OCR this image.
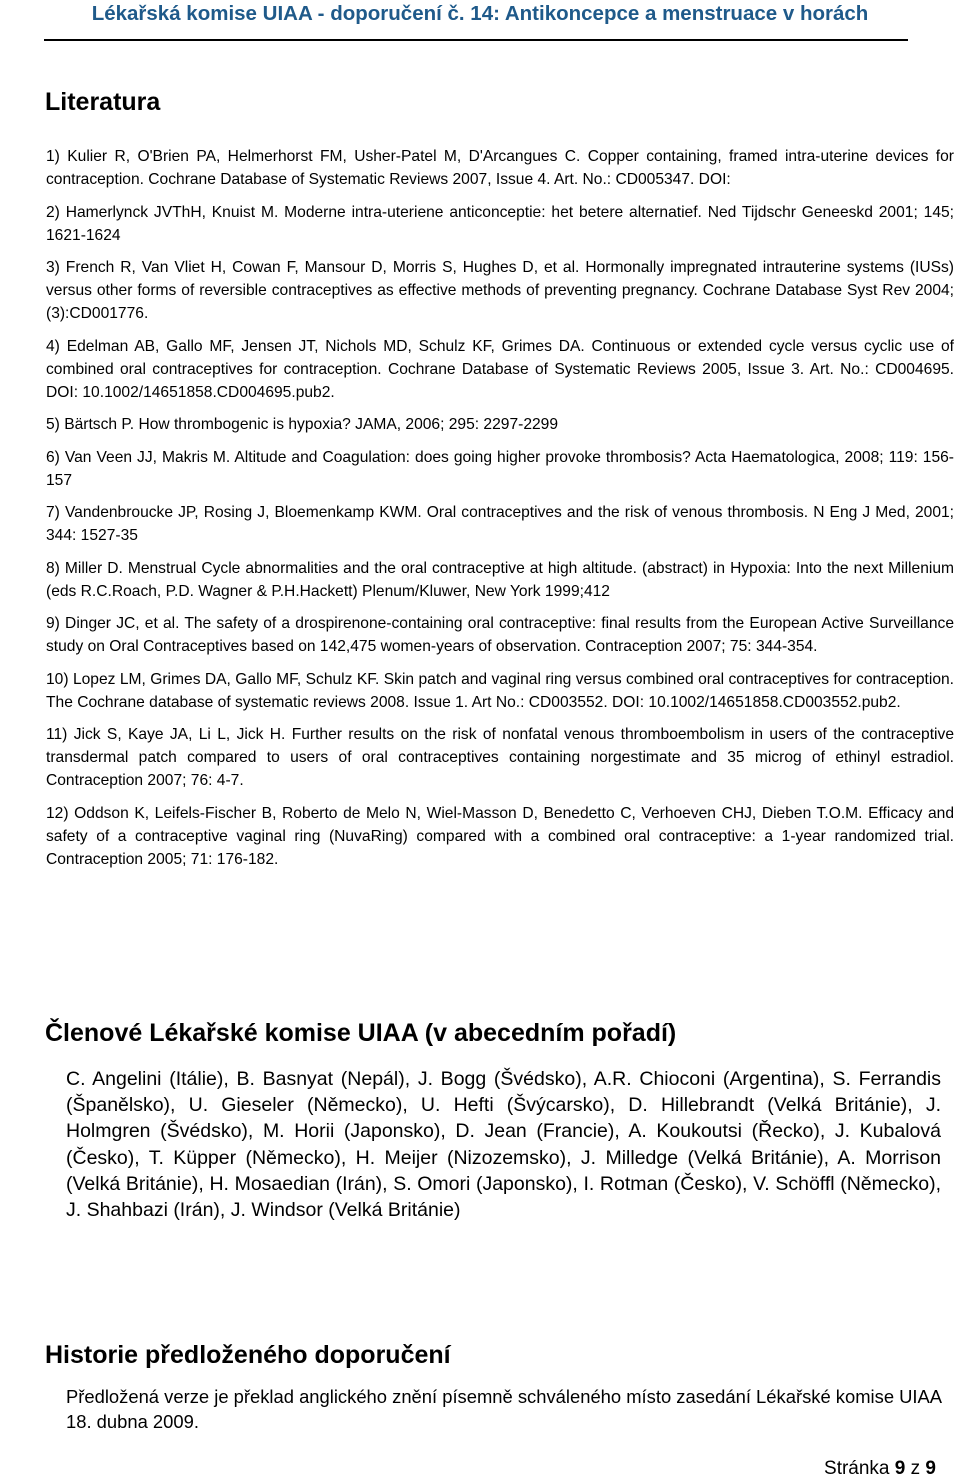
Lékařská komise UIAA - doporučení č. 14: Antikoncepce a menstruace v horách
Literatura

1) Kulier R, O'Brien PA, Helmerhorst FM, Usher-Patel M, D'Arcangues C. Copper containing, framed intra-uterine devices for contraception. Cochrane Database of Systematic Reviews 2007, Issue 4. Art. No.: CD005347. DOI:

2) Hamerlynck JVThH, Knuist M. Moderne intra-uteriene anticonceptie: het betere alternatief. Ned Tijdschr Geneeskd 2001; 145; 1621-1624

3) French R, Van Vliet H, Cowan F, Mansour D, Morris S, Hughes D, et al. Hormonally impregnated intrauterine systems (IUSs) versus other forms of reversible contraceptives as effective methods of preventing pregnancy. Cochrane Database Syst Rev 2004;(3):CD001776.

4) Edelman AB, Gallo MF, Jensen JT, Nichols MD, Schulz KF, Grimes DA. Continuous or extended cycle versus cyclic use of combined oral contraceptives for contraception. Cochrane Database of Systematic Reviews 2005, Issue 3. Art. No.: CD004695. DOI: 10.1002/14651858.CD004695.pub2.

5) Bärtsch P. How thrombogenic is hypoxia? JAMA, 2006; 295: 2297-2299

6) Van Veen JJ, Makris M. Altitude and Coagulation: does going higher provoke thrombosis? Acta Haematologica, 2008; 119: 156-157

7) Vandenbroucke JP, Rosing J, Bloemenkamp KWM. Oral contraceptives and the risk of venous thrombosis. N Eng J Med, 2001; 344: 1527-35

8) Miller D. Menstrual Cycle abnormalities and the oral contraceptive at high altitude. (abstract) in Hypoxia: Into the next Millenium (eds R.C.Roach, P.D. Wagner & P.H.Hackett) Plenum/Kluwer, New York 1999;412

9) Dinger JC, et al. The safety of a drospirenone-containing oral contraceptive: final results from the European Active Surveillance study on Oral Contraceptives based on 142,475 women-years of observation. Contraception 2007; 75: 344-354.

10) Lopez LM, Grimes DA, Gallo MF, Schulz KF. Skin patch and vaginal ring versus combined oral contraceptives for contraception. The Cochrane database of systematic reviews 2008. Issue 1. Art No.: CD003552. DOI: 10.1002/14651858.CD003552.pub2.

11) Jick S, Kaye JA, Li L, Jick H. Further results on the risk of nonfatal venous thromboembolism in users of the contraceptive transdermal patch compared to users of oral contraceptives containing norgestimate and 35 microg of ethinyl estradiol. Contraception 2007; 76: 4-7.

12) Oddson K, Leifels-Fischer B, Roberto de Melo N, Wiel-Masson D, Benedetto C, Verhoeven CHJ, Dieben T.O.M. Efficacy and safety of a contraceptive vaginal ring (NuvaRing) compared with a combined oral contraceptive: a 1-year randomized trial. Contraception 2005; 71: 176-182.

Členové Lékařské komise UIAA (v abecedním pořadí)

C. Angelini (Itálie), B. Basnyat (Nepál), J. Bogg (Švédsko), A.R. Chioconi (Argentina), S. Ferrandis (Španělsko), U. Gieseler (Německo), U. Hefti (Švýcarsko), D. Hillebrandt (Velká Británie), J. Holmgren (Švédsko), M. Horii (Japonsko), D. Jean (Francie), A. Koukoutsi (Řecko), J. Kubalová (Česko), T. Küpper (Německo), H. Meijer (Nizozemsko), J. Milledge (Velká Británie), A. Morrison (Velká Británie), H. Mosaedian (Irán), S. Omori (Japonsko), I. Rotman (Česko), V. Schöffl (Německo), J. Shahbazi (Irán), J. Windsor (Velká Británie)

Historie předloženého doporučení

Předložená verze je překlad anglického znění písemně schváleného místo zasedání Lékařské komise UIAA 18. dubna 2009.

Stránka 9 z 9
